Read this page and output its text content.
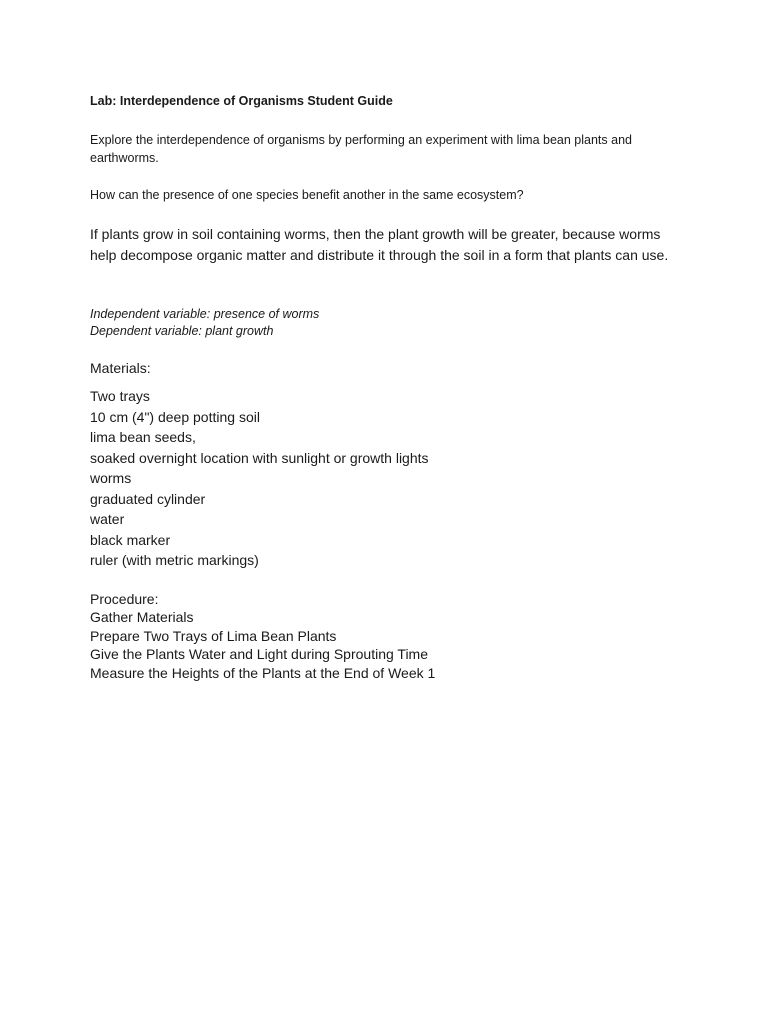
Lab: Interdependence of Organisms Student Guide
Explore the interdependence of organisms by performing an experiment with lima bean plants and earthworms.
How can the presence of one species benefit another in the same ecosystem?
If plants grow in soil containing worms, then the plant growth will be greater, because worms help decompose organic matter and distribute it through the soil in a form that plants can use.
Independent variable: presence of worms
Dependent variable: plant growth
Materials:
Two trays
10 cm (4") deep potting soil
lima bean seeds,
soaked overnight location with sunlight or growth lights
worms
graduated cylinder
water
black marker
ruler (with metric markings)
Procedure:
Gather Materials
Prepare Two Trays of Lima Bean Plants
Give the Plants Water and Light during Sprouting Time
Measure the Heights of the Plants at the End of Week 1
